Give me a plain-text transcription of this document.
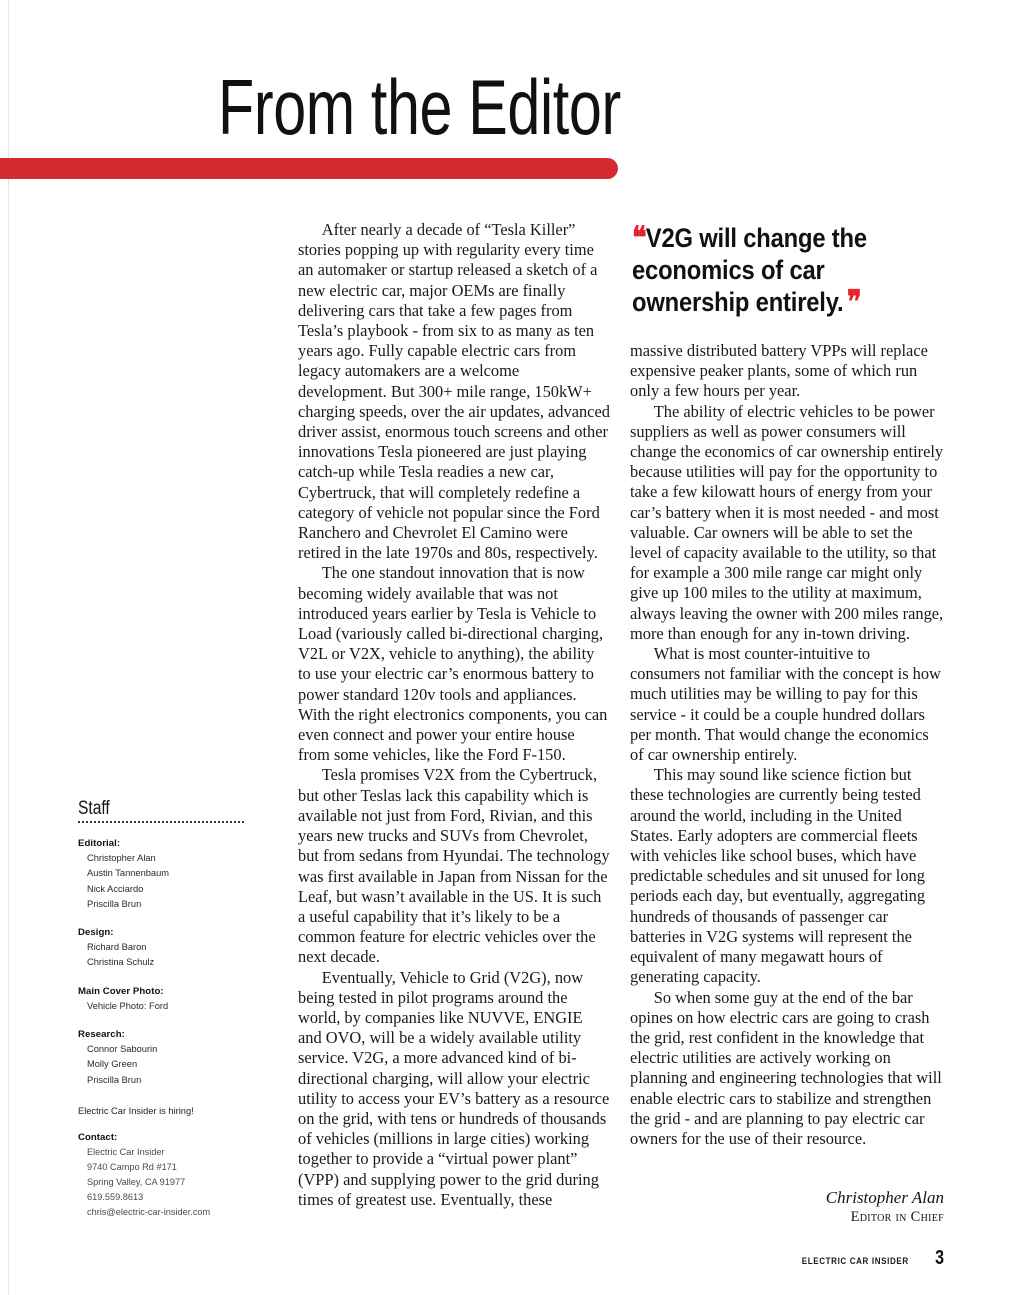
From the Editor
❝V2G will change the economics of car ownership entirely. ❞

After nearly a decade of “Tesla Killer” stories popping up with regularity every time an automaker or startup released a sketch of a new electric car, major OEMs are finally delivering cars that take a few pages from Tesla’s playbook - from six to as many as ten years ago. Fully capable electric cars from legacy automakers are a welcome development. But 300+ mile range, 150kW+ charging speeds, over the air updates, advanced driver assist, enormous touch screens and other innovations Tesla pioneered are just playing catch-up while Tesla readies a new car, Cybertruck, that will completely redefine a category of vehicle not popular since the Ford Ranchero and Chevrolet El Camino were retired in the late 1970s and 80s, respectively.

The one standout innovation that is now becoming widely available that was not introduced years earlier by Tesla is Vehicle to Load (variously called bi-directional charging, V2L or V2X, vehicle to anything), the ability to use your electric car’s enormous battery to power standard 120v tools and appliances. With the right electronics components, you can even connect and power your entire house from some vehicles, like the Ford F-150.

Tesla promises V2X from the Cybertruck, but other Teslas lack this capability which is available not just from Ford, Rivian, and this years new trucks and SUVs from Chevrolet, but from sedans from Hyundai. The technology was first available in Japan from Nissan for the Leaf, but wasn’t available in the US. It is such a useful capability that it’s likely to be a common feature for electric vehicles over the next decade.

Eventually, Vehicle to Grid (V2G), now being tested in pilot programs around the world, by companies like NUVVE, ENGIE and OVO, will be a widely available utility service. V2G, a more advanced kind of bi-directional charging, will allow your electric utility to access your EV’s battery as a resource on the grid, with tens or hundreds of thousands of vehicles (millions in large cities) working together to provide a “virtual power plant” (VPP) and supplying power to the grid during times of greatest use. Eventually, these

massive distributed battery VPPs will replace expensive peaker plants, some of which run only a few hours per year.

The ability of electric vehicles to be power suppliers as well as power consumers will change the economics of car ownership entirely because utilities will pay for the opportunity to take a few kilowatt hours of energy from your car’s battery when it is most needed - and most valuable. Car owners will be able to set the level of capacity available to the utility, so that for example a 300 mile range car might only give up 100 miles to the utility at maximum, always leaving the owner with 200 miles range, more than enough for any in-town driving.

What is most counter-intuitive to consumers not familiar with the concept is how much utilities may be willing to pay for this service - it could be a couple hundred dollars per month. That would change the economics of car ownership entirely.

This may sound like science fiction but these technologies are currently being tested around the world, including in the United States. Early adopters are commercial fleets with vehicles like school buses, which have predictable schedules and sit unused for long periods each day, but eventually, aggregating hundreds of thousands of passenger car batteries in V2G systems will represent the equivalent of many megawatt hours of generating capacity.

So when some guy at the end of the bar opines on how electric cars are going to crash the grid, rest confident in the knowledge that electric utilities are actively working on planning and engineering technologies that will enable electric cars to stabilize and strengthen the grid - and are planning to pay electric car owners for the use of their resource.

Christopher Alan
Editor in Chief
Staff
Editorial:
Christopher Alan
Austin Tannenbaum
Nick Acciardo
Priscilla Brun
Design:
Richard Baron
Christina Schulz
Main Cover Photo:
Vehicle Photo: Ford
Research:
Connor Sabourin
Molly Green
Priscilla Brun
Electric Car Insider is hiring!
Contact:
Electric Car Insider
9740 Campo Rd #171
Spring Valley, CA 91977
619.559.8613
chris@electric-car-insider.com
ELECTRIC CAR INSIDER 3
